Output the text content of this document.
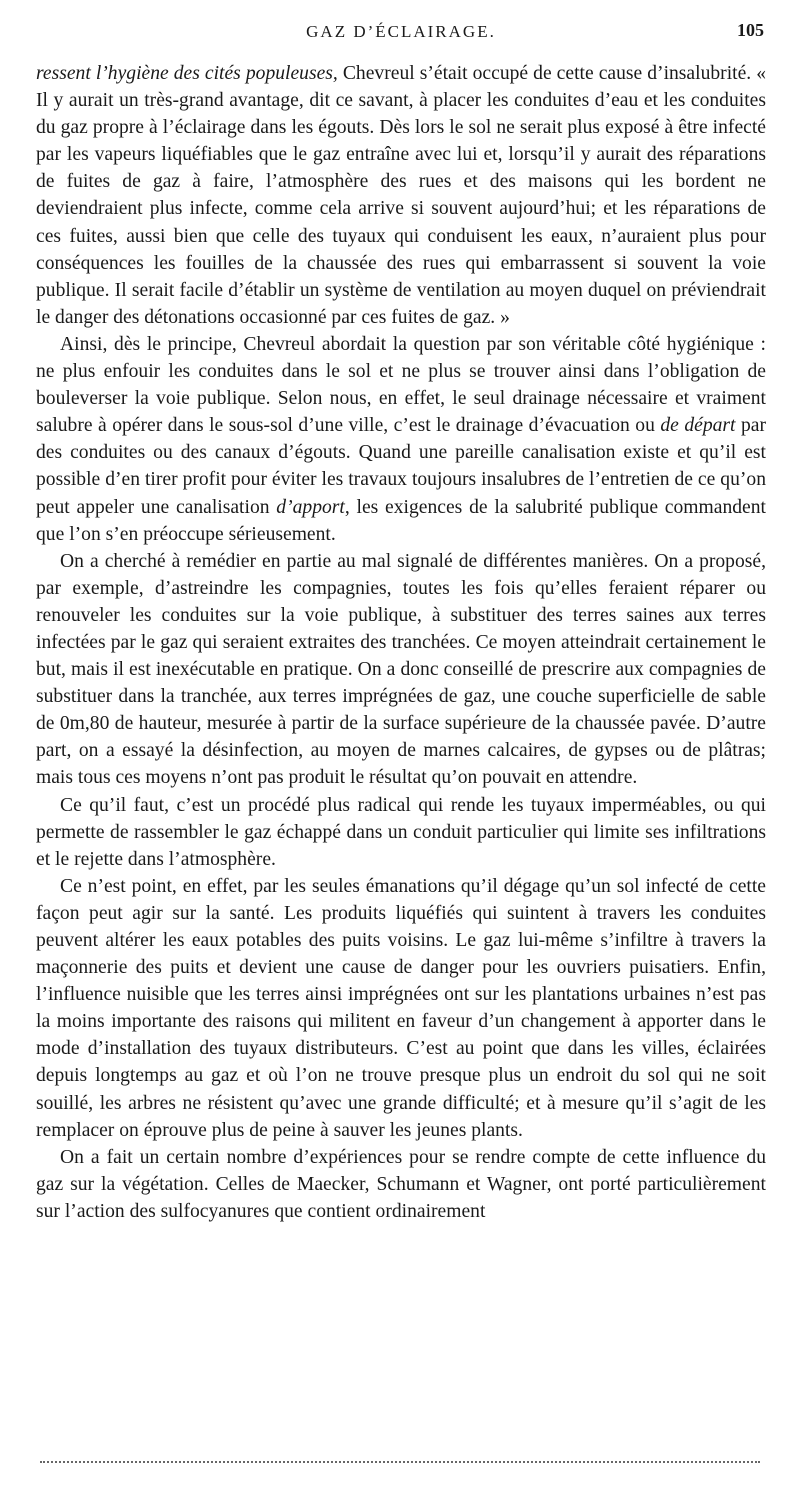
GAZ D’ÉCLAIRAGE.	105

ressent l’hygiène des cités populeuses, Chevreul s’était occupé de cette cause d’insalubrité. « Il y aurait un très-grand avantage, dit ce savant, à placer les conduites d’eau et les conduites du gaz propre à l’éclairage dans les égouts. Dès lors le sol ne serait plus exposé à être infecté par les vapeurs liquéfiables que le gaz entraîne avec lui et, lorsqu’il y aurait des réparations de fuites de gaz à faire, l’atmosphère des rues et des maisons qui les bordent ne deviendraient plus infecte, comme cela arrive si souvent aujourd’hui; et les réparations de ces fuites, aussi bien que celle des tuyaux qui conduisent les eaux, n’auraient plus pour conséquences les fouilles de la chaussée des rues qui embarrassent si souvent la voie publique. Il serait facile d’établir un système de ventilation au moyen duquel on préviendrait le danger des détonations occasionné par ces fuites de gaz. »

Ainsi, dès le principe, Chevreul abordait la question par son véritable côté hygiénique : ne plus enfouir les conduites dans le sol et ne plus se trouver ainsi dans l’obligation de bouleverser la voie publique. Selon nous, en effet, le seul drainage nécessaire et vraiment salubre à opérer dans le sous-sol d’une ville, c’est le drainage d’évacuation ou de départ par des conduites ou des canaux d’égouts. Quand une pareille canalisation existe et qu’il est possible d’en tirer profit pour éviter les travaux toujours insalubres de l’entretien de ce qu’on peut appeler une canalisation d’apport, les exigences de la salubrité publique commandent que l’on s’en préoccupe sérieusement.

On a cherché à remédier en partie au mal signalé de différentes manières. On a proposé, par exemple, d’astreindre les compagnies, toutes les fois qu’elles feraient réparer ou renouveler les conduites sur la voie publique, à substituer des terres saines aux terres infectées par le gaz qui seraient extraites des tranchées. Ce moyen atteindrait certainement le but, mais il est inexécutable en pratique. On a donc conseillé de prescrire aux compagnies de substituer dans la tranchée, aux terres imprégnées de gaz, une couche superficielle de sable de 0m,80 de hauteur, mesurée à partir de la surface supérieure de la chaussée pavée. D’autre part, on a essayé la désinfection, au moyen de marnes calcaires, de gypses ou de plâtras; mais tous ces moyens n’ont pas produit le résultat qu’on pouvait en attendre.

Ce qu’il faut, c’est un procédé plus radical qui rende les tuyaux imperméables, ou qui permette de rassembler le gaz échappé dans un conduit particulier qui limite ses infiltrations et le rejette dans l’atmosphère.

Ce n’est point, en effet, par les seules émanations qu’il dégage qu’un sol infecté de cette façon peut agir sur la santé. Les produits liquéfiés qui suintent à travers les conduites peuvent altérer les eaux potables des puits voisins. Le gaz lui-même s’infiltre à travers la maçonnerie des puits et devient une cause de danger pour les ouvriers puisatiers. Enfin, l’influence nuisible que les terres ainsi imprégnées ont sur les plantations urbaines n’est pas la moins importante des raisons qui militent en faveur d’un changement à apporter dans le mode d’installation des tuyaux distributeurs. C’est au point que dans les villes, éclairées depuis longtemps au gaz et où l’on ne trouve presque plus un endroit du sol qui ne soit souillé, les arbres ne résistent qu’avec une grande difficulté; et à mesure qu’il s’agit de les remplacer on éprouve plus de peine à sauver les jeunes plants.

On a fait un certain nombre d’expériences pour se rendre compte de cette influence du gaz sur la végétation. Celles de Maecker, Schumann et Wagner, ont porté particulièrement sur l’action des sulfocyanures que contient ordinairement
